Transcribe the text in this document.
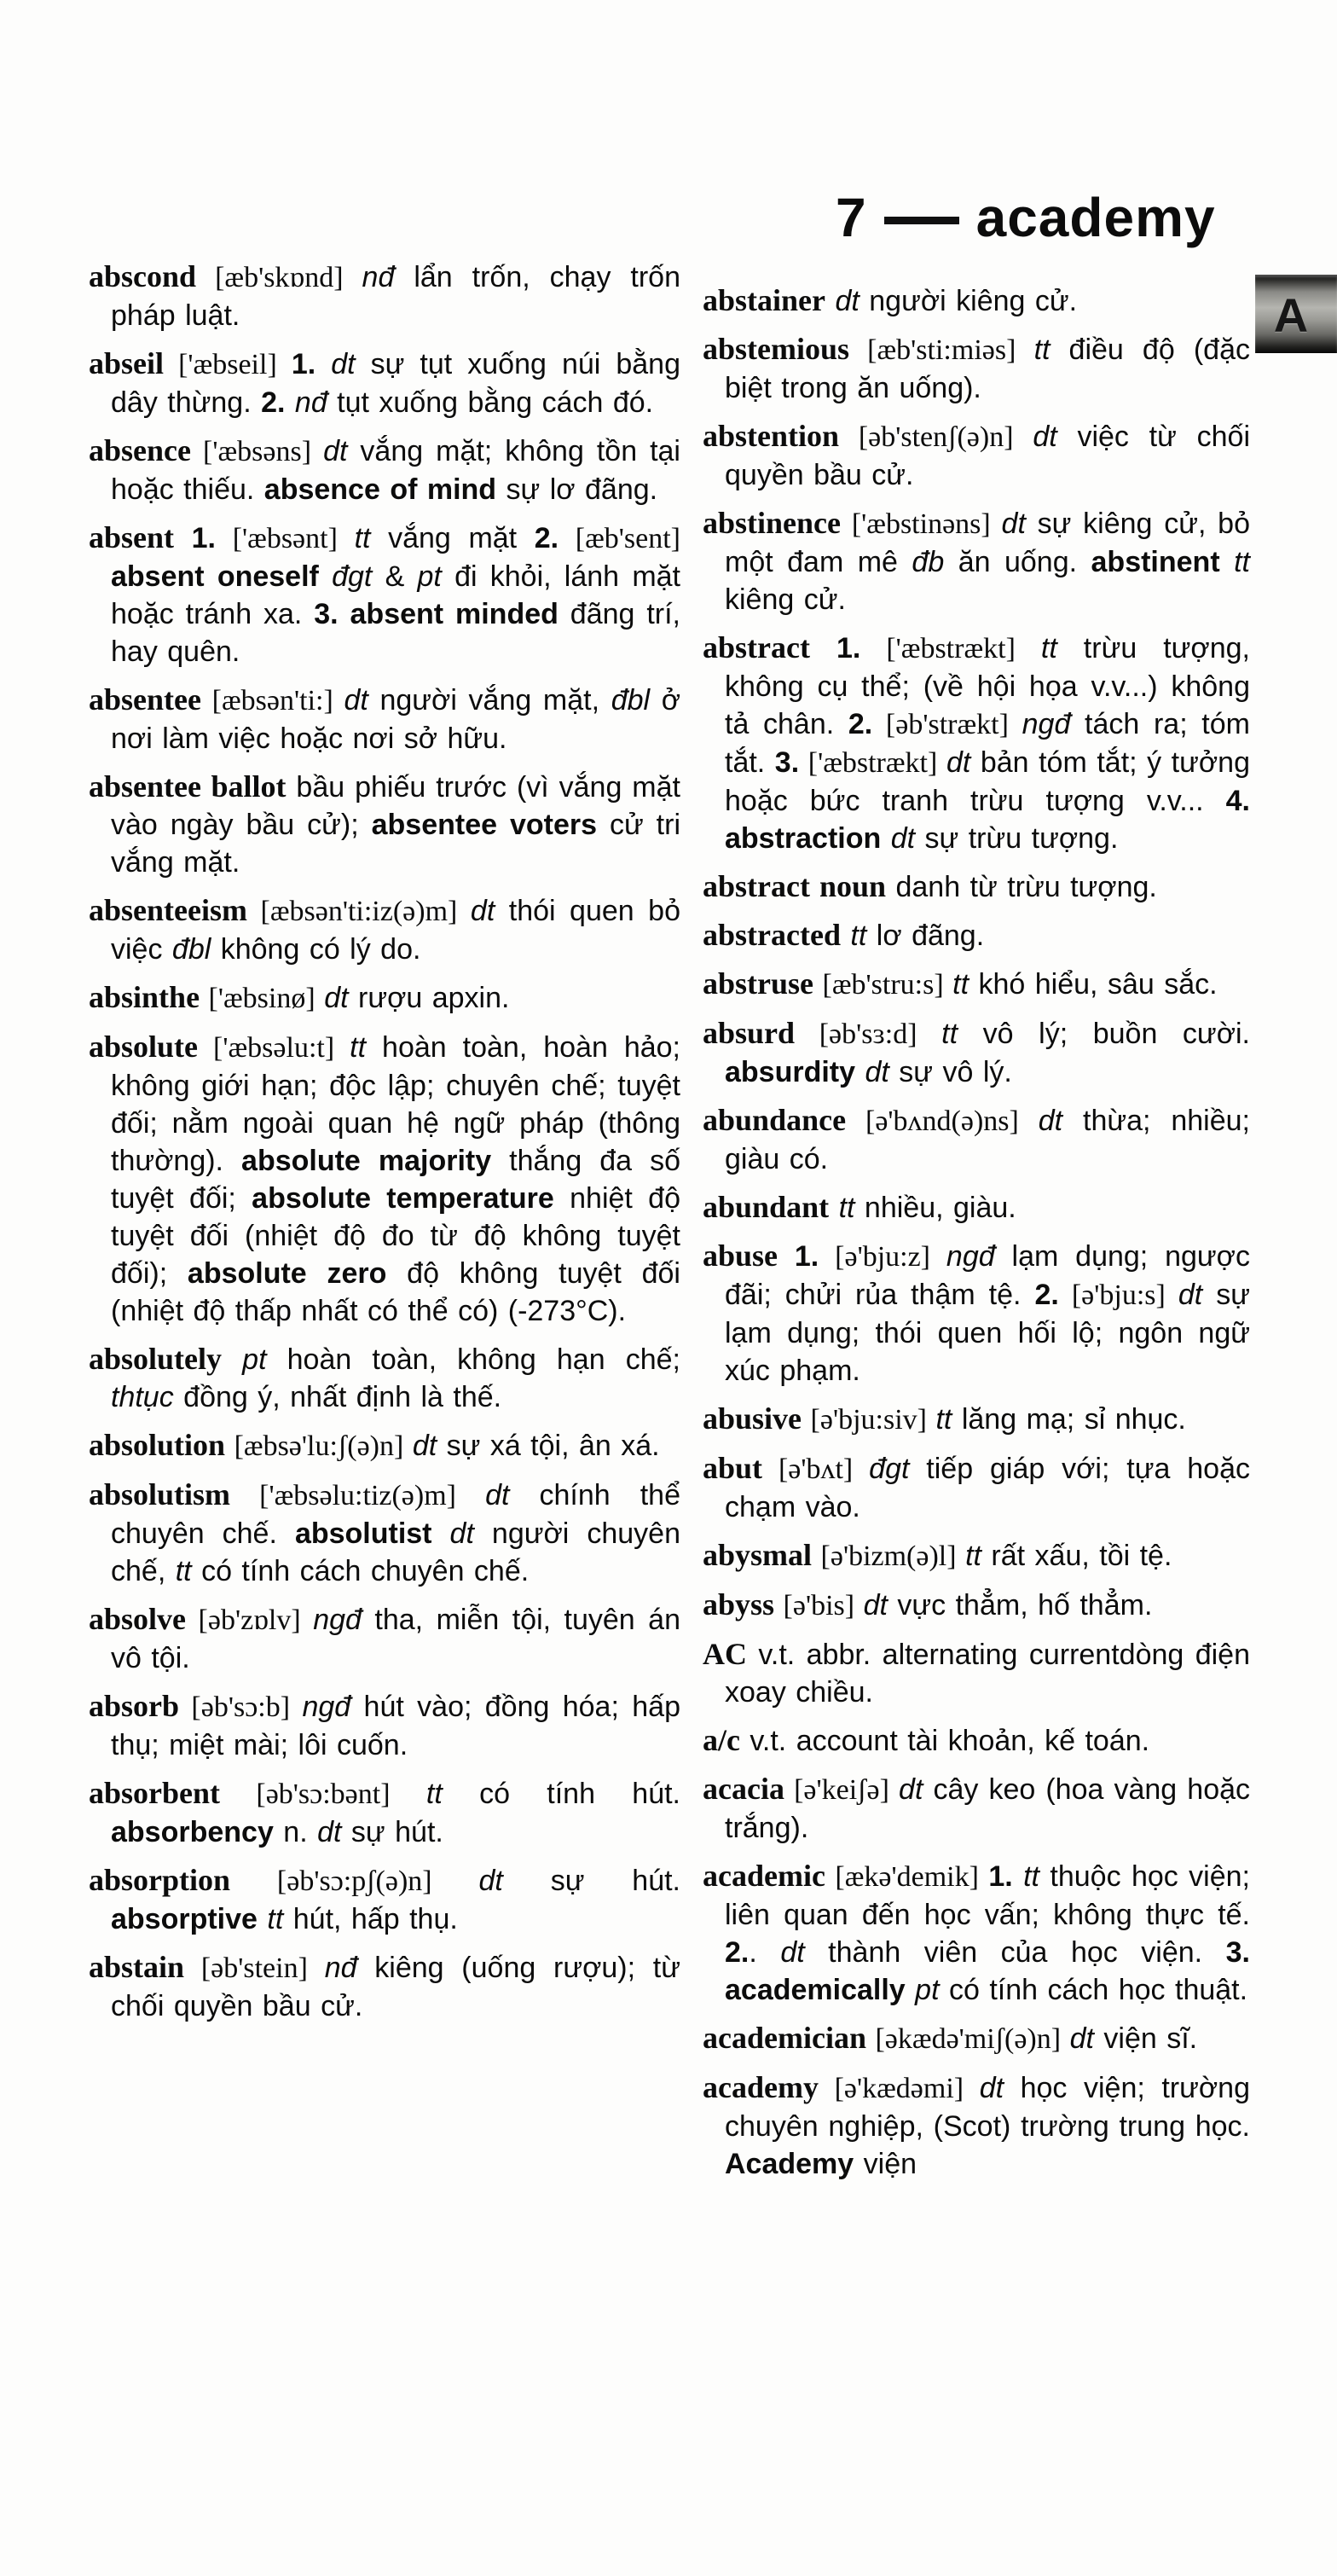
7 academy
A

abscond [æb'skɒnd] nđ lẩn trốn, chạy trốn pháp luật.

abseil ['æbseil] 1. dt sự tụt xuống núi bằng dây thừng. 2. nđ tụt xuống bằng cách đó.

absence ['æbsəns] dt vắng mặt; không tồn tại hoặc thiếu. absence of mind sự lơ đãng.

absent 1. ['æbsənt] tt vắng mặt 2. [æb'sent] absent oneself đgt & pt đi khỏi, lánh mặt hoặc tránh xa. 3. absent minded đãng trí, hay quên.

absentee [æbsən'ti:] dt người vắng mặt, đbl ở nơi làm việc hoặc nơi sở hữu.

absentee ballot bầu phiếu trước (vì vắng mặt vào ngày bầu cử); absentee voters cử tri vắng mặt.

absenteeism [æbsən'ti:iz(ə)m] dt thói quen bỏ việc đbl không có lý do.

absinthe ['æbsinø] dt rượu apxin.

absolute ['æbsəlu:t] tt hoàn toàn, hoàn hảo; không giới hạn; độc lập; chuyên chế; tuyệt đối; nằm ngoài quan hệ ngữ pháp (thông thường). absolute majority thắng đa số tuyệt đối; absolute temperature nhiệt độ tuyệt đối (nhiệt độ đo từ độ không tuyệt đối); absolute zero độ không tuyệt đối (nhiệt độ thấp nhất có thể có) (-273°C).

absolutely pt hoàn toàn, không hạn chế; thtục đồng ý, nhất định là thế.

absolution [æbsə'lu:ʃ(ə)n] dt sự xá tội, ân xá.

absolutism ['æbsəlu:tiz(ə)m] dt chính thể chuyên chế. absolutist dt người chuyên chế, tt có tính cách chuyên chế.

absolve [əb'zɒlv] ngđ tha, miễn tội, tuyên án vô tội.

absorb [əb'sɔ:b] ngđ hút vào; đồng hóa; hấp thụ; miệt mài; lôi cuốn.

absorbent [əb'sɔ:bənt] tt có tính hút. absorbency n. dt sự hút.

absorption [əb'sɔ:pʃ(ə)n] dt sự hút. absorptive tt hút, hấp thụ.

abstain [əb'stein] nđ kiêng (uống rượu); từ chối quyền bầu cử.

abstainer dt người kiêng cử.

abstemious [æb'sti:miəs] tt điều độ (đặc biệt trong ăn uống).

abstention [əb'stenʃ(ə)n] dt việc từ chối quyền bầu cử.

abstinence ['æbstinəns] dt sự kiêng cử, bỏ một đam mê đb ăn uống. abstinent tt kiêng cử.

abstract 1. ['æbstrækt] tt trừu tượng, không cụ thể; (về hội họa v.v...) không tả chân. 2. [əb'strækt] ngđ tách ra; tóm tắt. 3. ['æbstrækt] dt bản tóm tắt; ý tưởng hoặc bức tranh trừu tượng v.v... 4. abstraction dt sự trừu tượng.

abstract noun danh từ trừu tượng.

abstracted tt lơ đãng.

abstruse [æb'stru:s] tt khó hiểu, sâu sắc.

absurd [əb'sɜ:d] tt vô lý; buồn cười. absurdity dt sự vô lý.

abundance [ə'bʌnd(ə)ns] dt thừa; nhiều; giàu có.

abundant tt nhiều, giàu.

abuse 1. [ə'bju:z] ngđ lạm dụng; ngược đãi; chửi rủa thậm tệ. 2. [ə'bju:s] dt sự lạm dụng; thói quen hối lộ; ngôn ngữ xúc phạm.

abusive [ə'bju:siv] tt lăng mạ; sỉ nhục.

abut [ə'bʌt] đgt tiếp giáp với; tựa hoặc chạm vào.

abysmal [ə'bizm(ə)l] tt rất xấu, tồi tệ.

abyss [ə'bis] dt vực thẳm, hố thẳm.

AC v.t. abbr. alternating currentdòng điện xoay chiều.

a/c v.t. account tài khoản, kế toán.

acacia [ə'keiʃə] dt cây keo (hoa vàng hoặc trắng).

academic [ækə'demik] 1. tt thuộc học viện; liên quan đến học vấn; không thực tế. 2.. dt thành viên của học viện. 3. academically pt có tính cách học thuật.

academician [əkædə'miʃ(ə)n] dt viện sĩ.

academy [ə'kædəmi] dt học viện; trường chuyên nghiệp, (Scot) trường trung học. Academy viện
